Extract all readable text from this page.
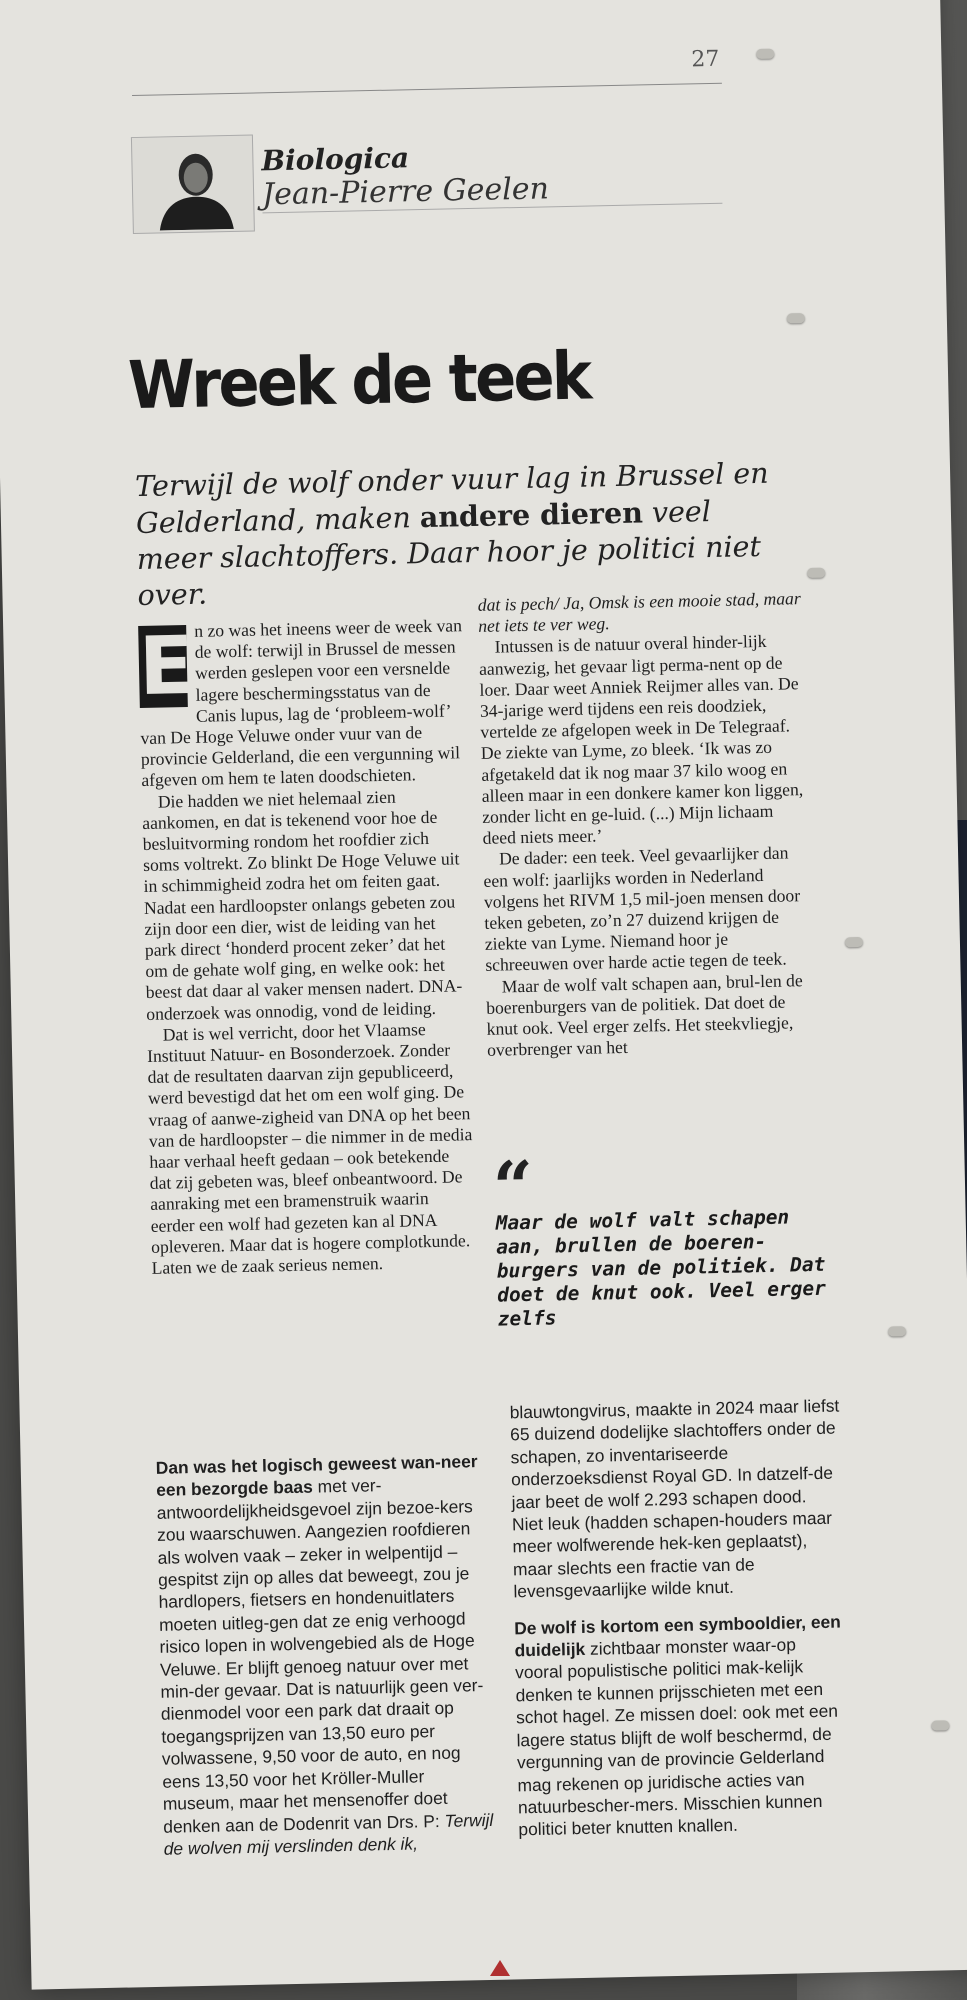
27
Biologica
Jean-Pierre Geelen
Wreek de teek
Terwijl de wolf onder vuur lag in Brussel en Gelderland, maken andere dieren veel meer slachtoffers. Daar hoor je politici niet over.

E n zo was het ineens weer de week van de wolf: terwijl in Brussel de messen werden geslepen voor een versnelde lagere beschermingsstatus van de Canis lupus, lag de ‘probleem-wolf’ van De Hoge Veluwe onder vuur van de provincie Gelderland, die een vergunning wil afgeven om hem te laten doodschieten.

Die hadden we niet helemaal zien aankomen, en dat is tekenend voor hoe de besluitvorming rondom het roofdier zich soms voltrekt. Zo blinkt De Hoge Veluwe uit in schimmigheid zodra het om feiten gaat. Nadat een hardloopster onlangs gebeten zou zijn door een dier, wist de leiding van het park direct ‘honderd procent zeker’ dat het om de gehate wolf ging, en welke ook: het beest dat daar al vaker mensen nadert. DNA-onderzoek was onnodig, vond de leiding.

Dat is wel verricht, door het Vlaamse Instituut Natuur- en Bosonderzoek. Zonder dat de resultaten daarvan zijn gepubliceerd, werd bevestigd dat het om een wolf ging. De vraag of aanwe-zigheid van DNA op het been van de hardloopster – die nimmer in de media haar verhaal heeft gedaan – ook betekende dat zij gebeten was, bleef onbeantwoord. De aanraking met een bramenstruik waarin eerder een wolf had gezeten kan al DNA opleveren. Maar dat is hogere complotkunde. Laten we de zaak serieus nemen.

dat is pech/ Ja, Omsk is een mooie stad, maar net iets te ver weg.

Intussen is de natuur overal hinder-lijk aanwezig, het gevaar ligt perma-nent op de loer. Daar weet Anniek Reijmer alles van. De 34-jarige werd tijdens een reis doodziek, vertelde ze afgelopen week in De Telegraaf. De ziekte van Lyme, zo bleek. ‘Ik was zo afgetakeld dat ik nog maar 37 kilo woog en alleen maar in een donkere kamer kon liggen, zonder licht en ge-luid. (...) Mijn lichaam deed niets meer.’

De dader: een teek. Veel gevaarlijker dan een wolf: jaarlijks worden in Nederland volgens het RIVM 1,5 mil-joen mensen door teken gebeten, zo’n 27 duizend krijgen de ziekte van Lyme. Niemand hoor je schreeuwen over harde actie tegen de teek.

Maar de wolf valt schapen aan, brul-len de boerenburgers van de politiek. Dat doet de knut ook. Veel erger zelfs. Het steekvliegje, overbrenger van het

“
Maar de wolf valt schapen aan, brullen de boeren-burgers van de politiek. Dat doet de knut ook. Veel erger zelfs

Dan was het logisch geweest wan-neer een bezorgde baas met ver-antwoordelijkheidsgevoel zijn bezoe-kers zou waarschuwen. Aangezien roofdieren als wolven vaak – zeker in welpentijd – gespitst zijn op alles dat beweegt, zou je hardlopers, fietsers en hondenuitlaters moeten uitleg-gen dat ze enig verhoogd risico lopen in wolvengebied als de Hoge Veluwe. Er blijft genoeg natuur over met min-der gevaar. Dat is natuurlijk geen ver-dienmodel voor een park dat draait op toegangsprijzen van 13,50 euro per volwassene, 9,50 voor de auto, en nog eens 13,50 voor het Kröller-Muller museum, maar het mensenoffer doet denken aan de Dodenrit van Drs. P: Terwijl de wolven mij verslinden denk ik,

blauwtongvirus, maakte in 2024 maar liefst 65 duizend dodelijke slachtoffers onder de schapen, zo inventariseerde onderzoeksdienst Royal GD. In datzelf-de jaar beet de wolf 2.293 schapen dood. Niet leuk (hadden schapen-houders maar meer wolfwerende hek-ken geplaatst), maar slechts een fractie van de levensgevaarlijke wilde knut.

De wolf is kortom een symbooldier, een duidelijk zichtbaar monster waar-op vooral populistische politici mak-kelijk denken te kunnen prijsschieten met een schot hagel. Ze missen doel: ook met een lagere status blijft de wolf beschermd, de vergunning van de provincie Gelderland mag rekenen op juridische acties van natuurbescher-mers. Misschien kunnen politici beter knutten knallen.
